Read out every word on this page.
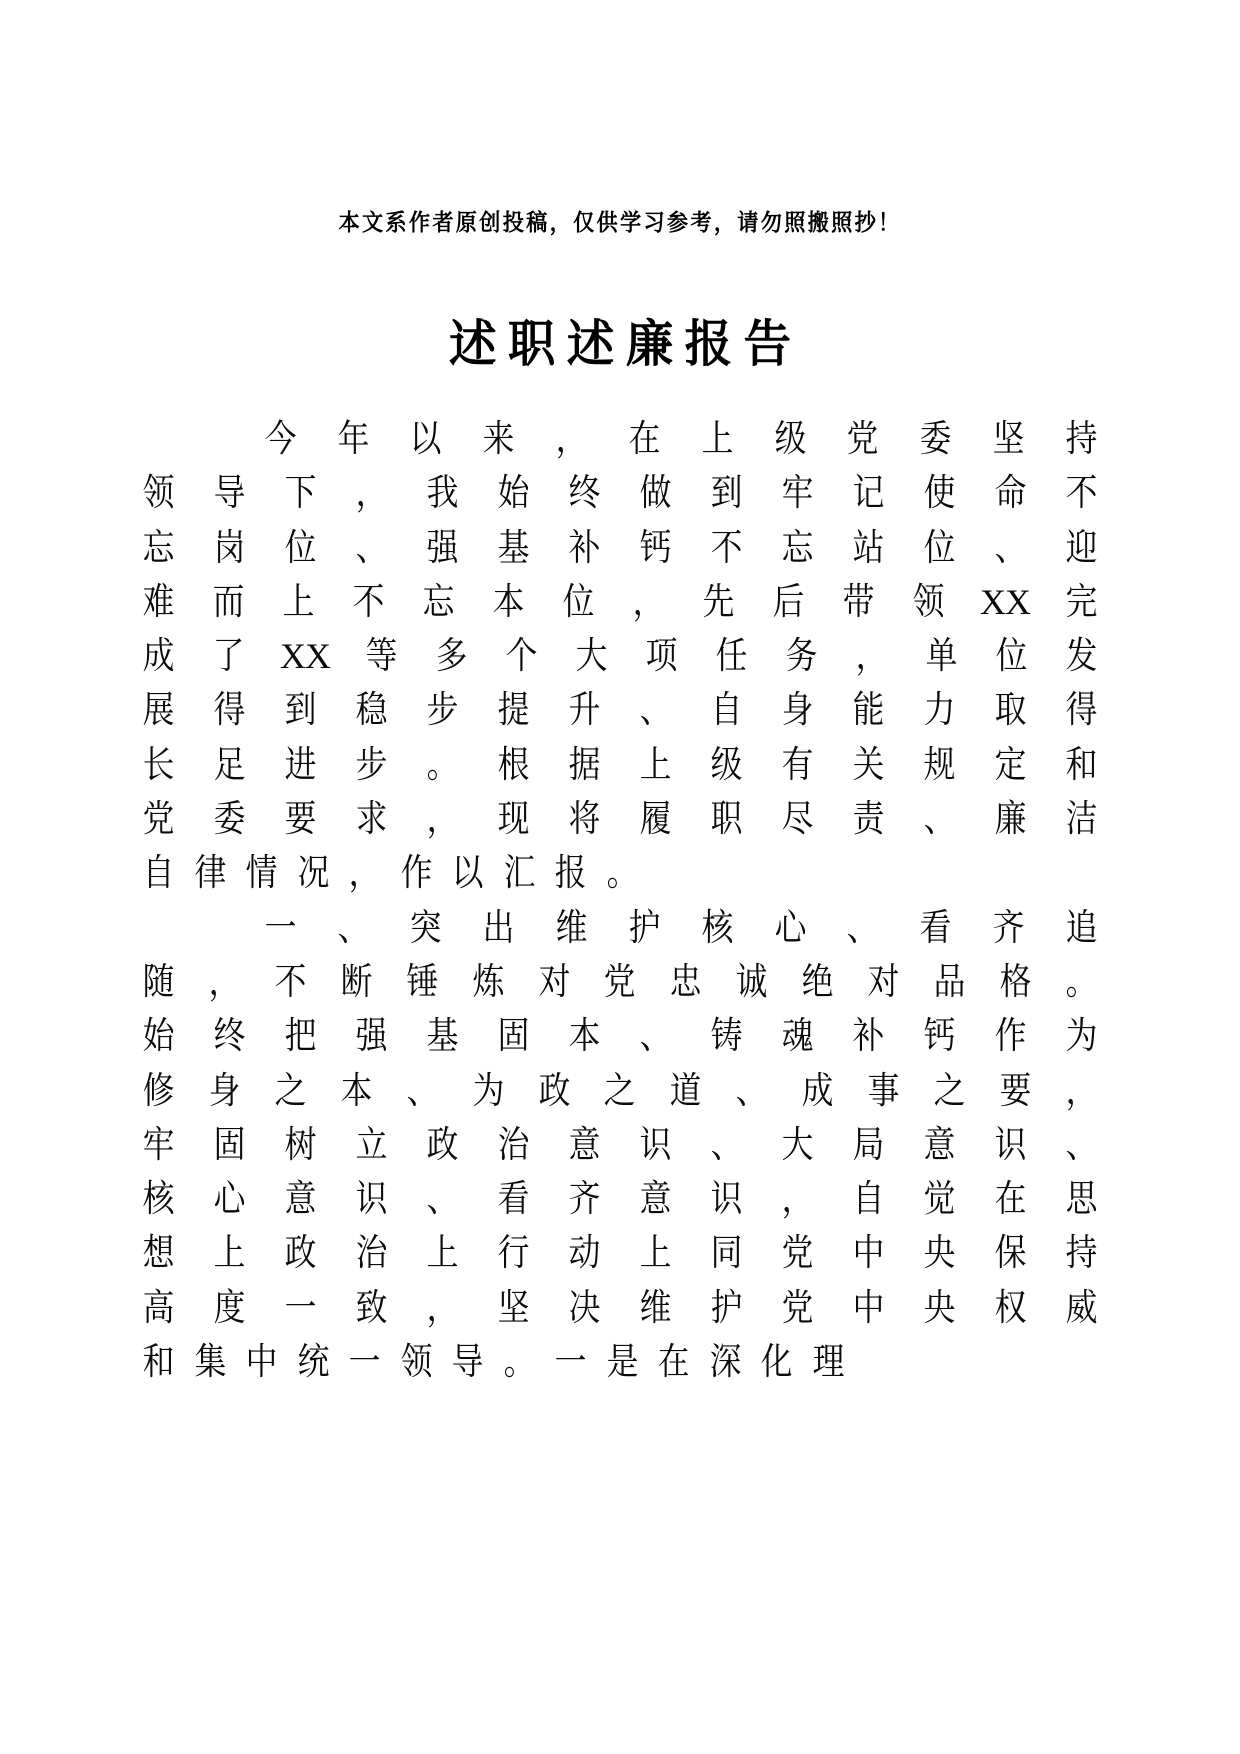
本文系作者原创投稿，仅供学习参考，请勿照搬照抄！
述职述廉报告
今 年 以 来 ， 在 上 级 党 委 坚 持
领 导 下 ， 我 始 终 做 到 牢 记 使 命 不
忘 岗 位 、 强 基 补 钙 不 忘 站 位 、 迎
难 而 上 不 忘 本 位 ， 先 后 带 领 XX 完
成 了 XX 等 多 个 大 项 任 务 ， 单 位 发
展 得 到 稳 步 提 升 、 自 身 能 力 取 得
长 足 进 步 。 根 据 上 级 有 关 规 定 和
党 委 要 求 ， 现 将 履 职 尽 责 、 廉 洁
自 律 情 况 ， 作 以 汇 报 。
一 、 突 出 维 护 核 心 、 看 齐 追
随 ， 不 断 锤 炼 对 党 忠 诚 绝 对 品 格 。
始 终 把 强 基 固 本 、 铸 魂 补 钙 作 为
修 身 之 本 、 为 政 之 道 、 成 事 之 要 ，
牢 固 树 立 政 治 意 识 、 大 局 意 识 、
核 心 意 识 、 看 齐 意 识 ， 自 觉 在 思
想 上 政 治 上 行 动 上 同 党 中 央 保 持
高 度 一 致 ， 坚 决 维 护 党 中 央 权 威
和 集 中 统 一 领 导 。 一 是 在 深 化 理
